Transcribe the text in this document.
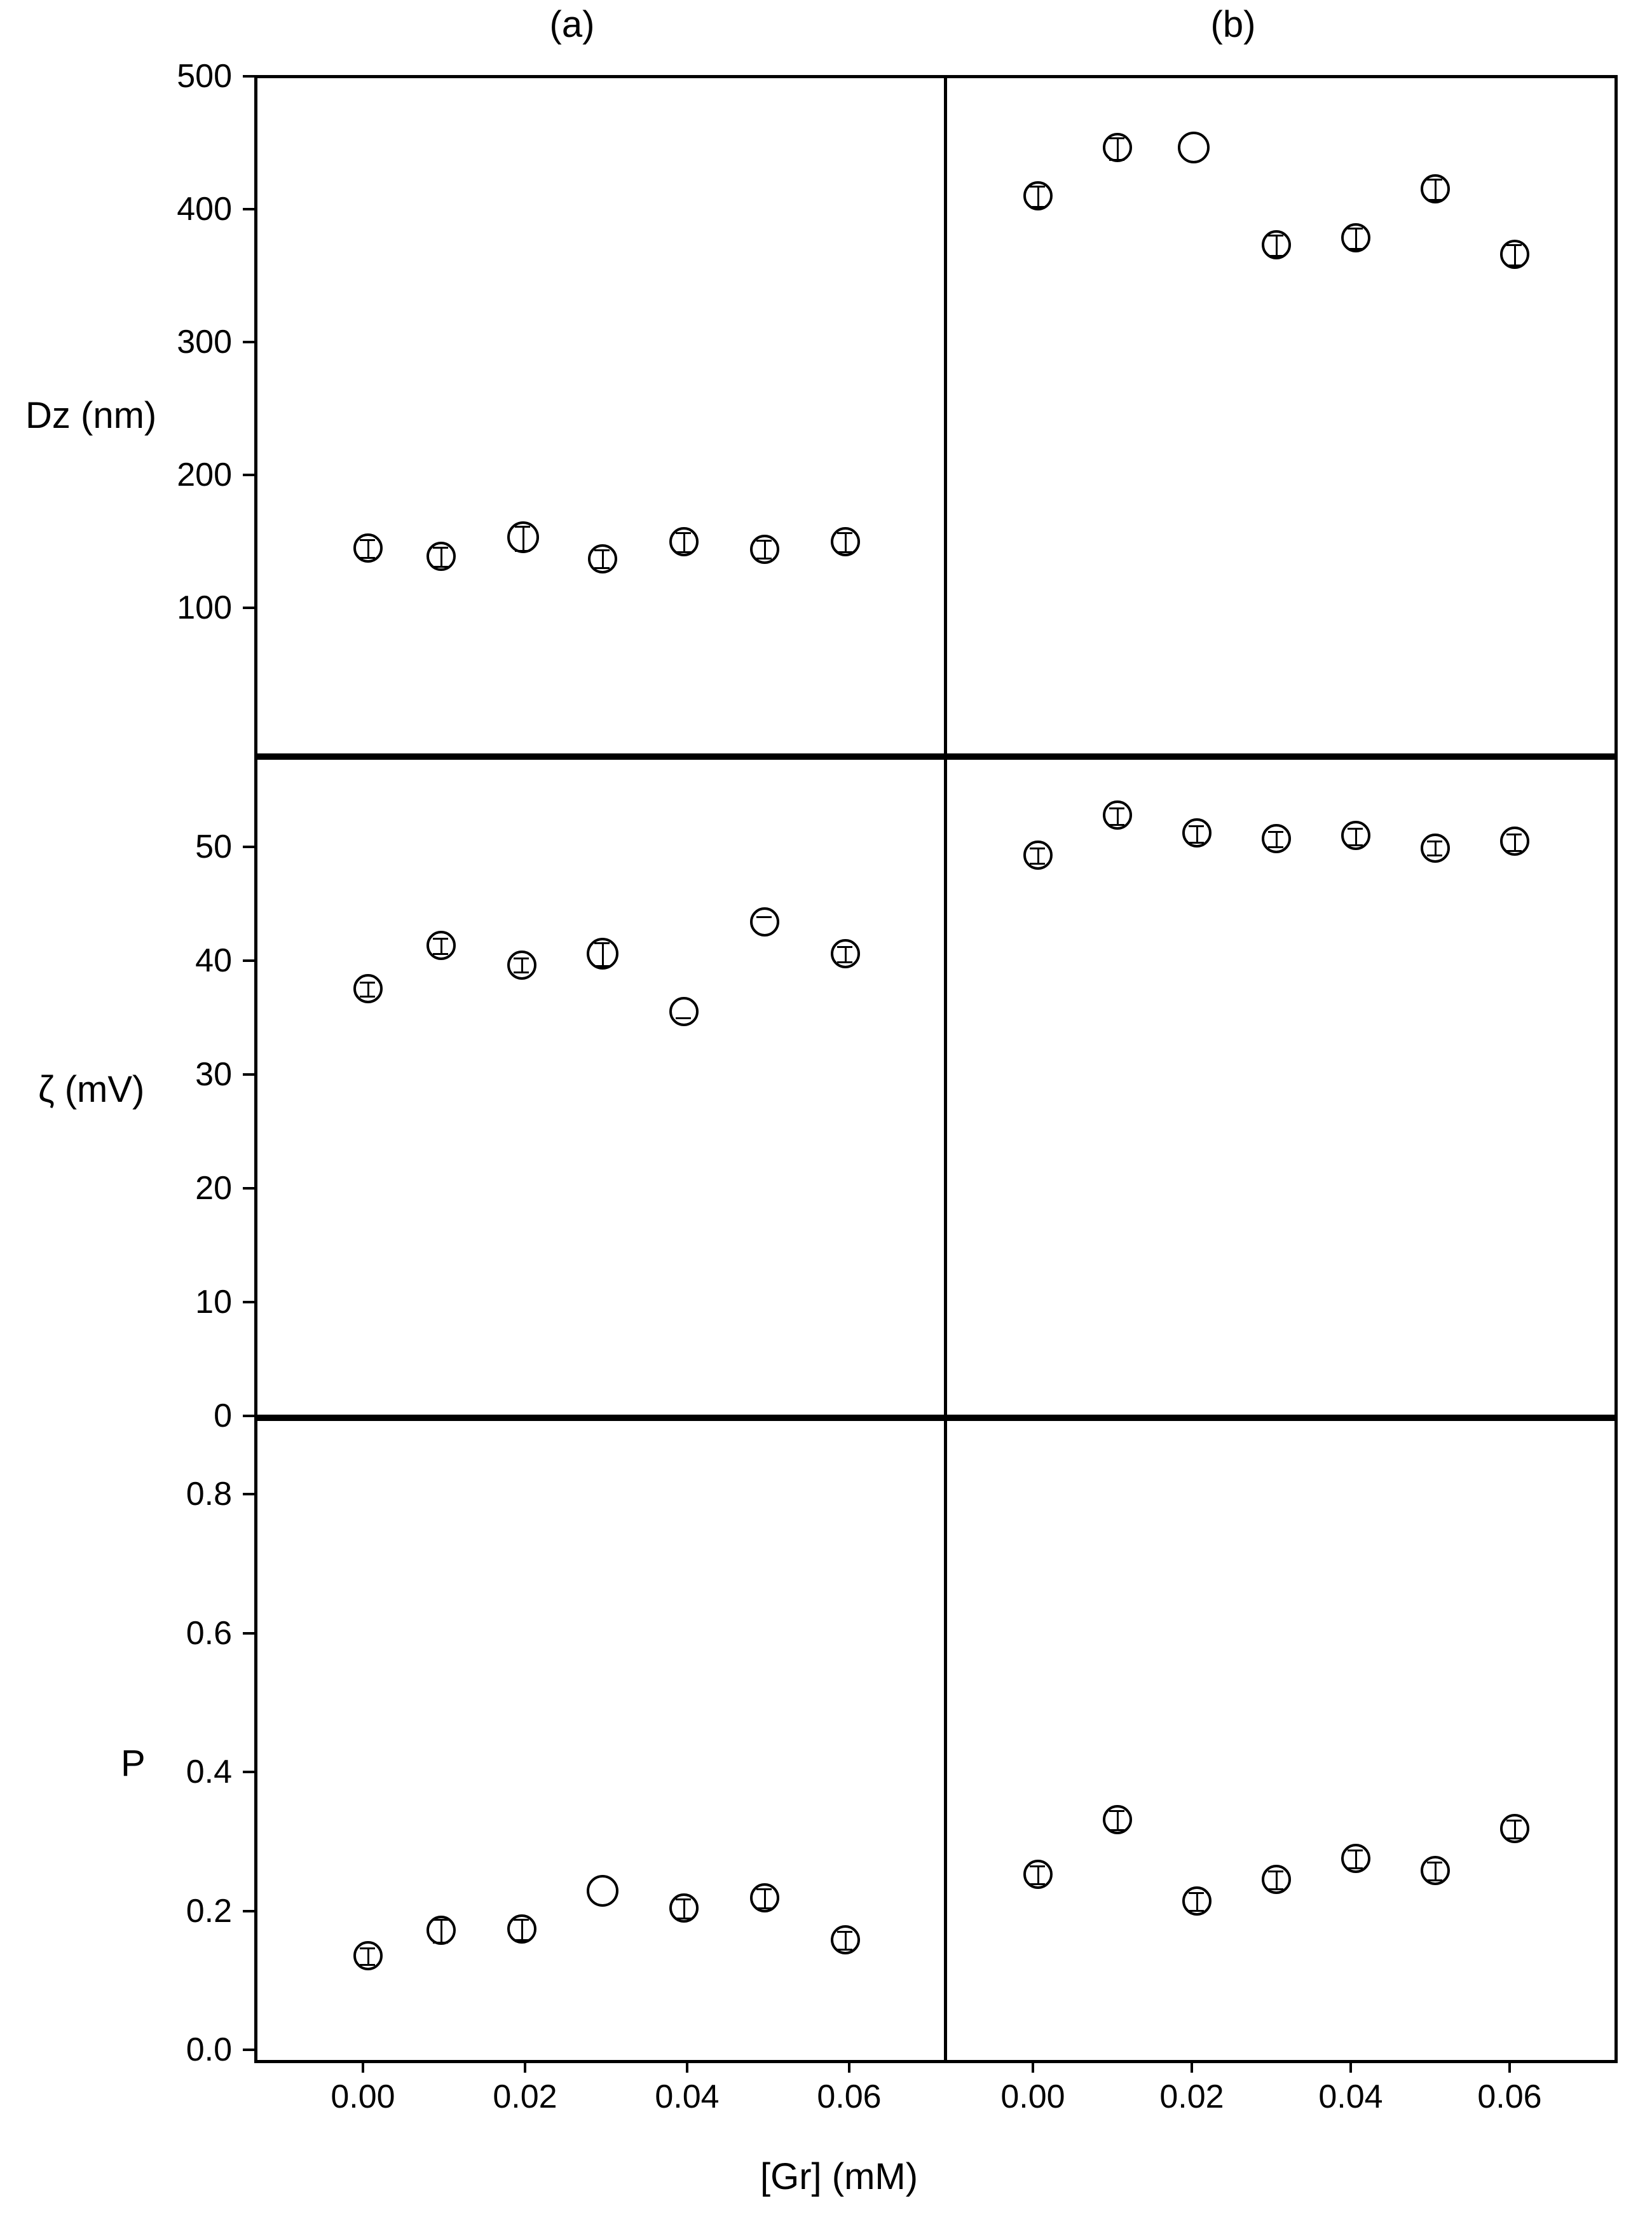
(a)	(b)
Dz (nm)
ζ (mV)
P
[Gr] (mM)
500
400
300
200
100
50
40
30
20
10
0
0.8
0.6
0.4
0.2
0.0
0.00	0.02	0.04	0.06	0.00	0.02	0.04	0.06
